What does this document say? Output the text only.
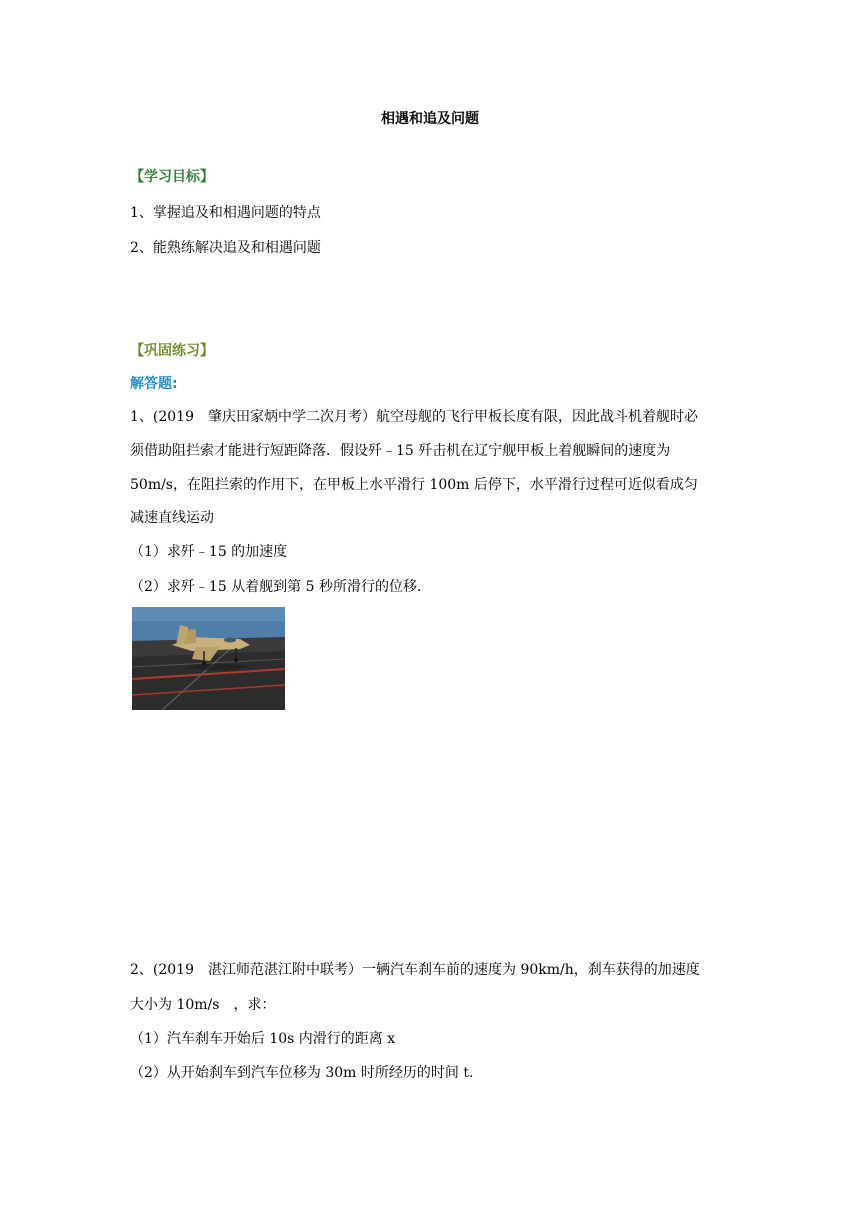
相遇和追及问题
【学习目标】
1、掌握追及和相遇问题的特点
2、能熟练解决追及和相遇问题
【巩固练习】
解答题:
1、(2019　肇庆田家炳中学二次月考）航空母舰的飞行甲板长度有限，因此战斗机着舰时必
须借助阻拦索才能进行短距降落．假设歼﹣15 歼击机在辽宁舰甲板上着舰瞬间的速度为
50m/s，在阻拦索的作用下，在甲板上水平滑行 100m 后停下，水平滑行过程可近似看成匀
减速直线运动
（1）求歼﹣15 的加速度
（2）求歼﹣15 从着舰到第 5 秒所滑行的位移．
2、(2019　湛江师范湛江附中联考）一辆汽车刹车前的速度为 90km/h，刹车获得的加速度
大小为 10m/s　，求：
（1）汽车刹车开始后 10s 内滑行的距离 x
（2）从开始刹车到汽车位移为 30m 时所经历的时间 t.
